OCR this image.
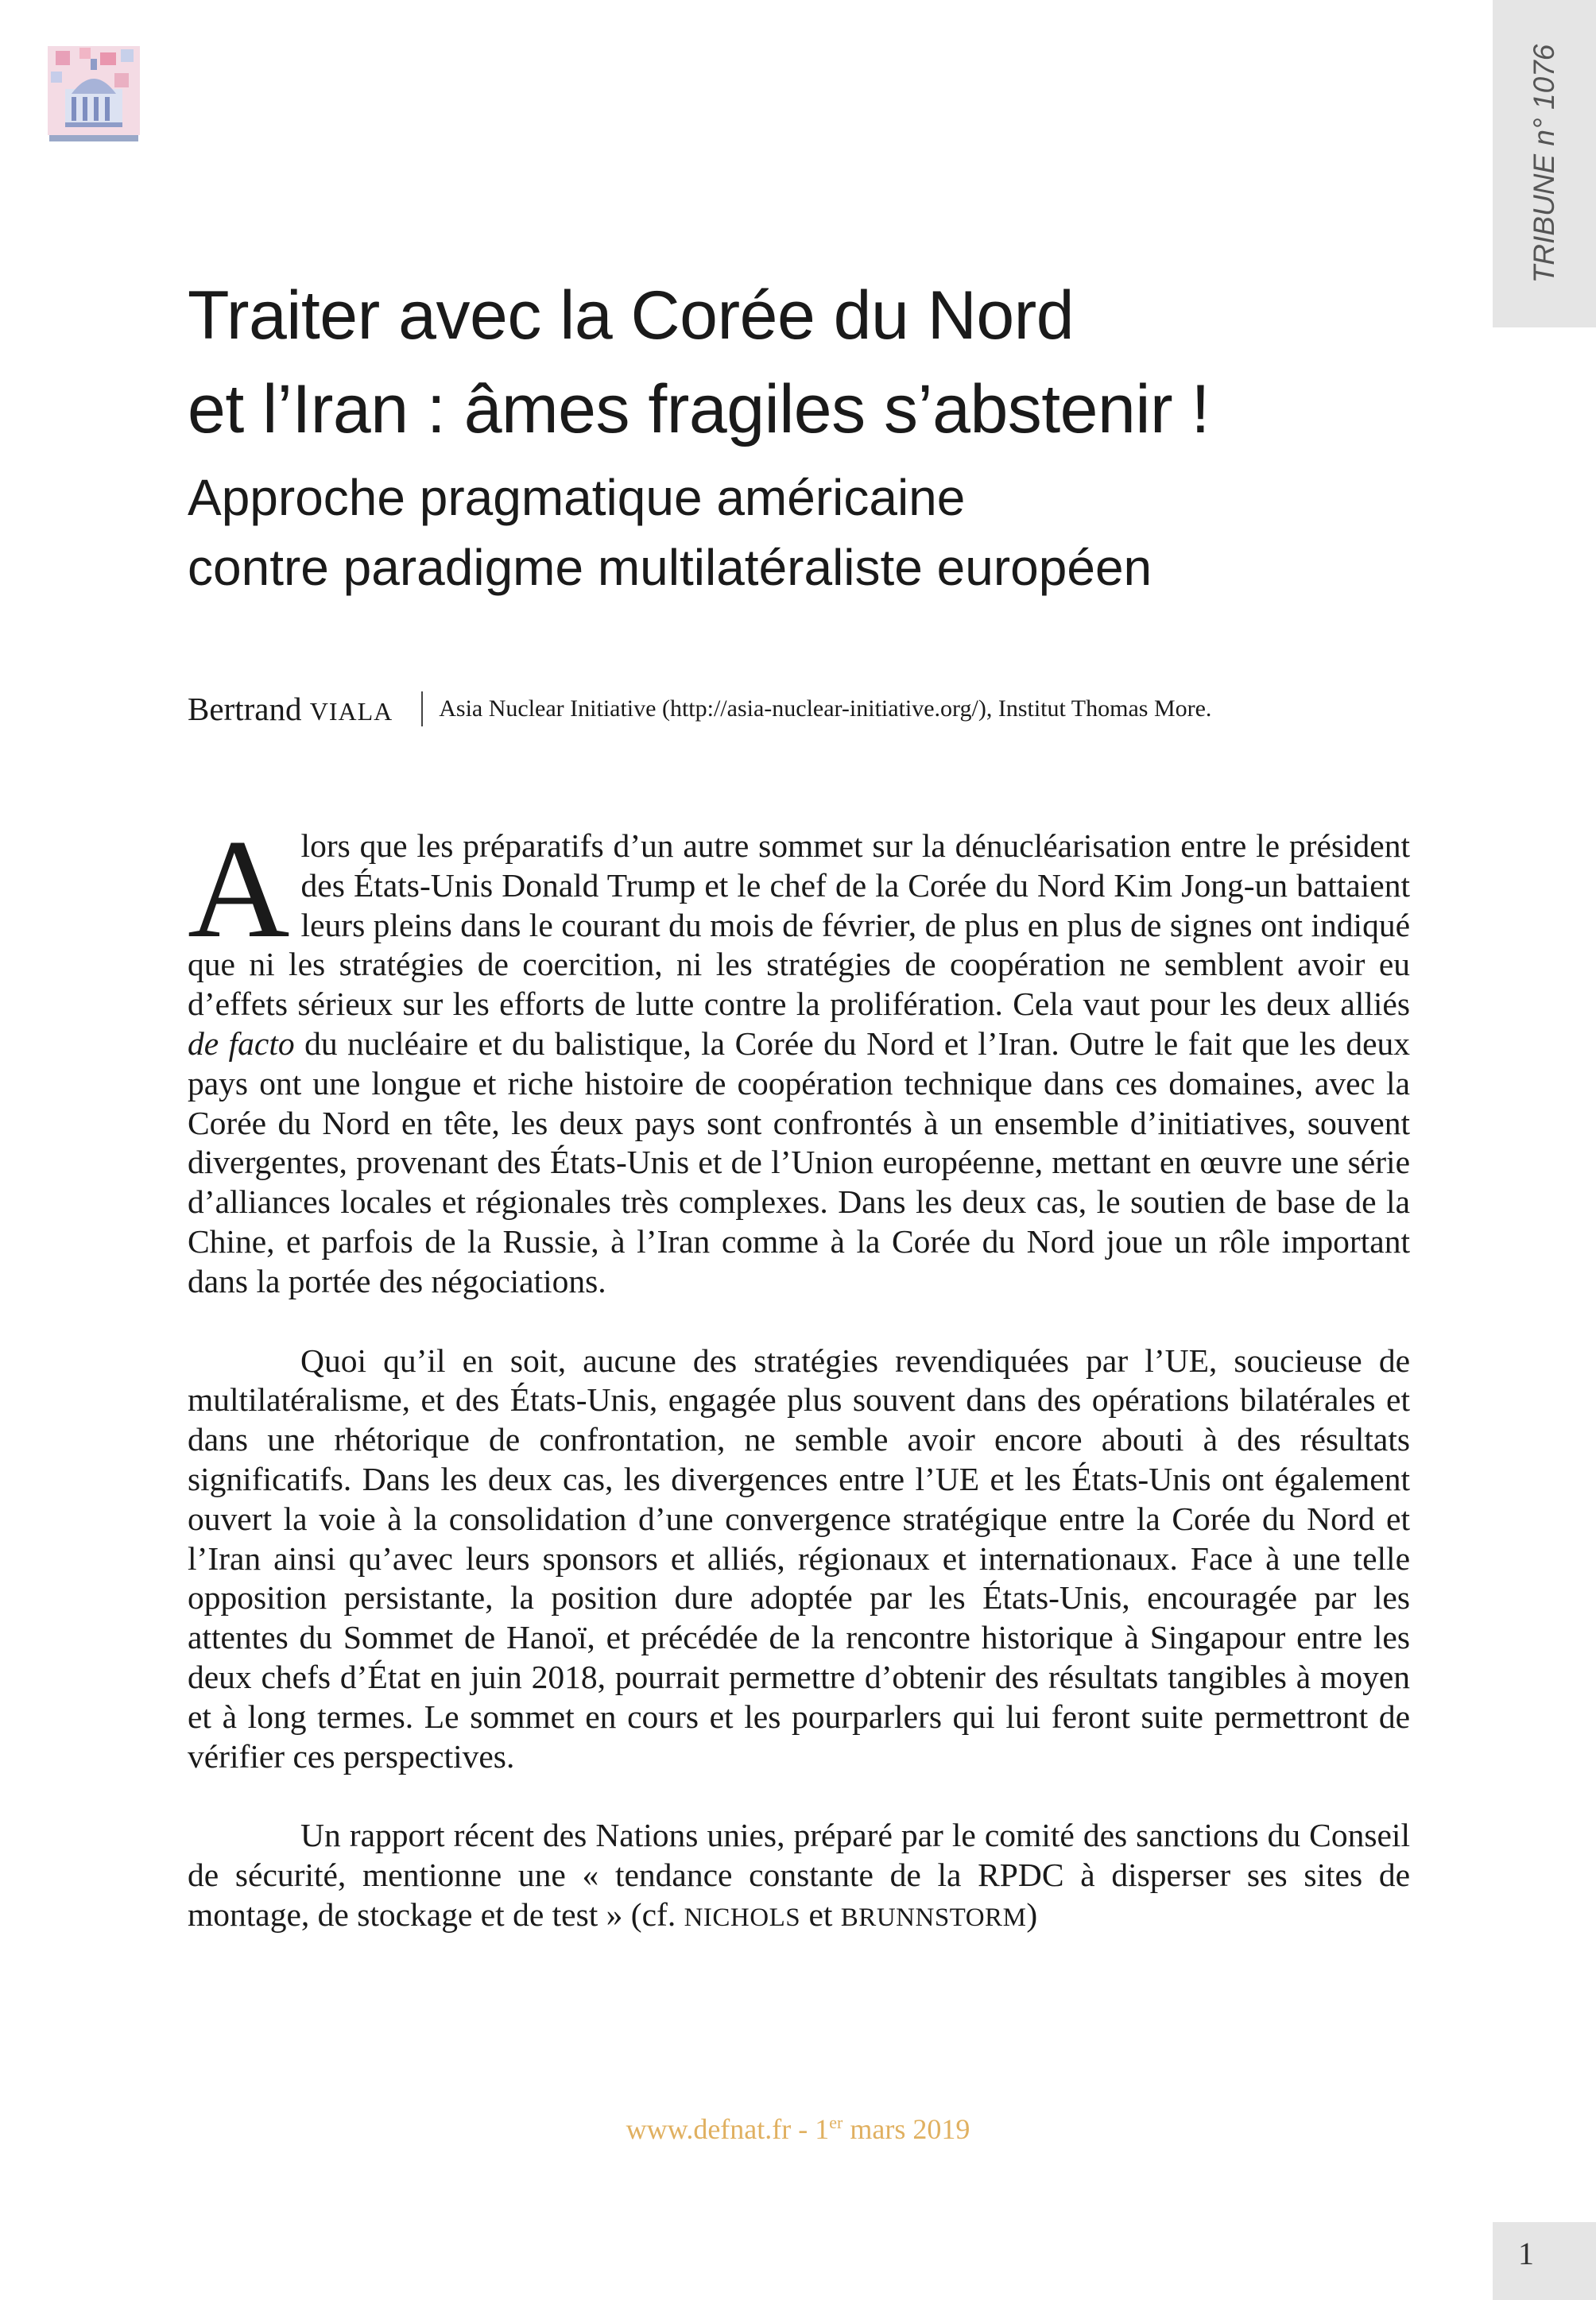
TRIBUNE n° 1076
Traiter avec la Corée du Nord
et l’Iran : âmes fragiles s’abstenir !
Approche pragmatique américaine
contre paradigme multilatéraliste européen
Bertrand VIALA Asia Nuclear Initiative (http://asia-nuclear-initiative.org/), Institut Thomas More.

Alors que les préparatifs d’un autre sommet sur la dénucléarisation entre le président des États-Unis Donald Trump et le chef de la Corée du Nord Kim Jong-un battaient leurs pleins dans le courant du mois de février, de plus en plus de signes ont indiqué que ni les stratégies de coercition, ni les stratégies de coopération ne semblent avoir eu d’effets sérieux sur les efforts de lutte contre la prolifération. Cela vaut pour les deux alliés de facto du nucléaire et du balistique, la Corée du Nord et l’Iran. Outre le fait que les deux pays ont une longue et riche histoire de coopération technique dans ces domaines, avec la Corée du Nord en tête, les deux pays sont confrontés à un ensemble d’initiatives, souvent divergentes, provenant des États-Unis et de l’Union européenne, mettant en œuvre une série d’alliances locales et régionales très complexes. Dans les deux cas, le soutien de base de la Chine, et parfois de la Russie, à l’Iran comme à la Corée du Nord joue un rôle important dans la portée des négociations.

Quoi qu’il en soit, aucune des stratégies revendiquées par l’UE, soucieuse de multilatéralisme, et des États-Unis, engagée plus souvent dans des opérations bilatérales et dans une rhétorique de confrontation, ne semble avoir encore abouti à des résultats significatifs. Dans les deux cas, les divergences entre l’UE et les États-Unis ont également ouvert la voie à la consolidation d’une convergence stratégique entre la Corée du Nord et l’Iran ainsi qu’avec leurs sponsors et alliés, régionaux et internationaux. Face à une telle opposition persistante, la position dure adoptée par les États-Unis, encouragée par les attentes du Sommet de Hanoï, et précédée de la rencontre historique à Singapour entre les deux chefs d’État en juin 2018, pourrait permettre d’obtenir des résultats tangibles à moyen et à long termes. Le sommet en cours et les pourparlers qui lui feront suite permettront de vérifier ces perspectives.

Un rapport récent des Nations unies, préparé par le comité des sanctions du Conseil de sécurité, mentionne une « tendance constante de la RPDC à disperser ses sites de montage, de stockage et de test » (cf. NICHOLS et BRUNNSTORM)

www.defnat.fr - 1er mars 2019
1
